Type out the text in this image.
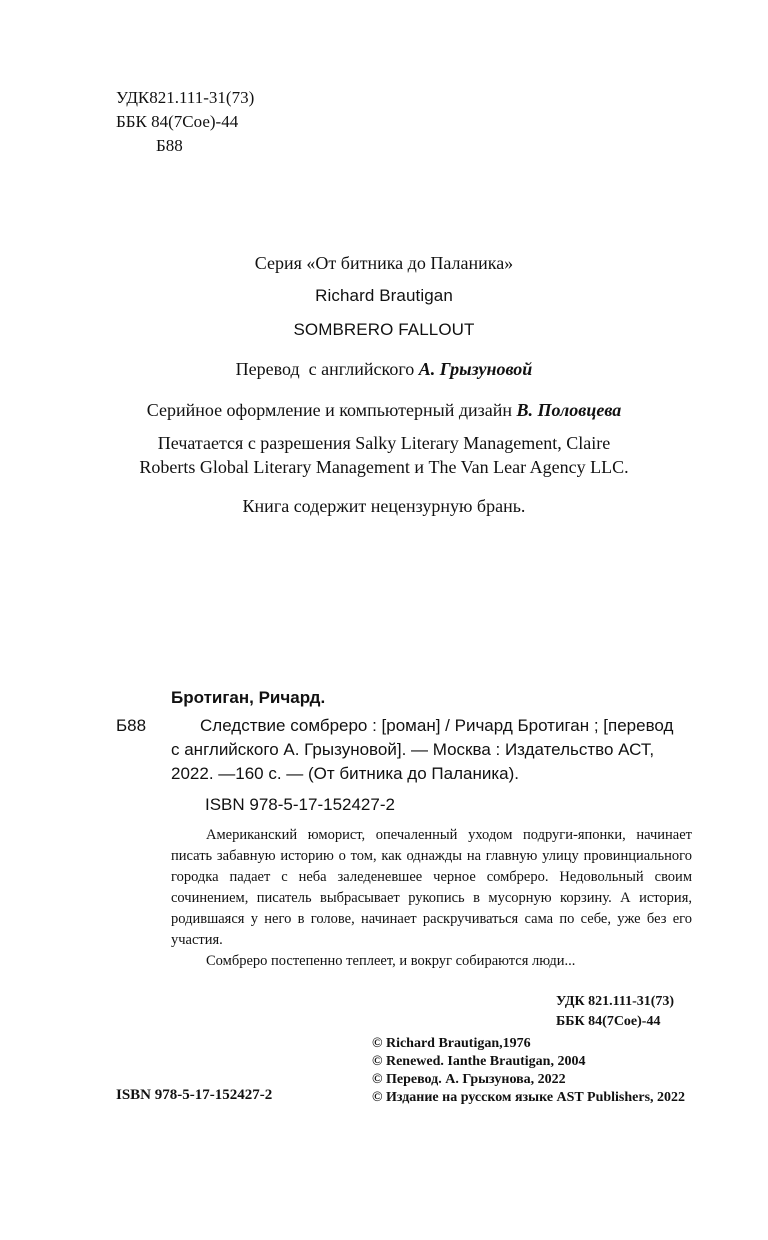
УДК821.111-31(73)
ББК 84(7Сое)-44
Б88
Серия «От битника до Паланика»
Richard Brautigan
SOMBRERO FALLOUT
Перевод  с английского А. Грызуновой
Серийное оформление и компьютерный дизайн В. Половцева
Печатается с разрешения Salky Literary Management, Claire
Roberts Global Literary Management и The Van Lear Agency LLC.
Книга содержит нецензурную брань.
Бротиган, Ричард.
Б88	Следствие сомбреро : [роман] / Ричард Бротиган ; [перевод
с английского А. Грызуновой]. — Москва : Издательство АСТ,
2022. —160 с. — (От битника до Паланика).
ISBN 978-5-17-152427-2

Американский юморист, опечаленный уходом подруги-японки, начинает писать забавную историю о том, как однажды на главную улицу провинциального городка падает с неба заледеневшее черное сомбреро. Недовольный своим сочинением, писатель выбрасывает рукопись в мусорную корзину. А история, родившаяся у него в голове, начинает раскручиваться сама по себе, уже без его участия.

Сомбреро постепенно теплеет, и вокруг собираются люди...

УДК 821.111-31(73)
ББК 84(7Сое)-44
ISBN 978-5-17-152427-2
© Richard Brautigan,1976
© Renewed. Ianthe Brautigan, 2004
© Перевод. А. Грызунова, 2022
© Издание на русском языке AST Publishers, 2022
